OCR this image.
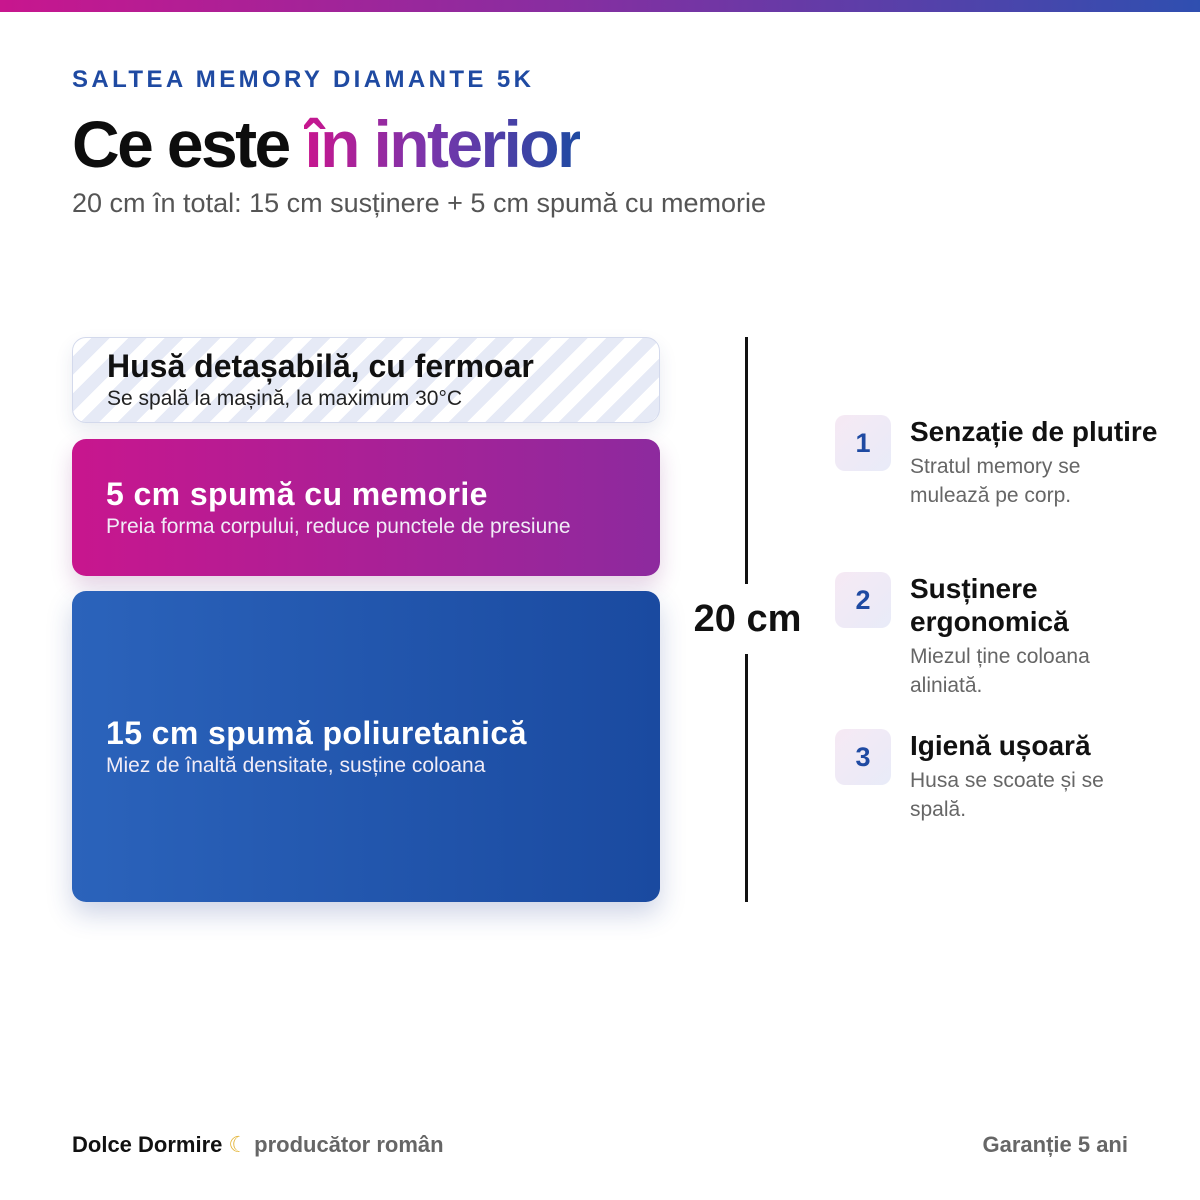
SALTEA MEMORY DIAMANTE 5K
Ce este în interior
20 cm în total: 15 cm susținere + 5 cm spumă cu memorie
Husă detașabilă, cu fermoar
Se spală la mașină, la maximum 30°C
5 cm spumă cu memorie
Preia forma corpului, reduce punctele de presiune
15 cm spumă poliuretanică
Miez de înaltă densitate, susține coloana
20 cm
1	Senzație de plutire
Stratul memory se mulează pe corp.
2	Susținere ergonomică
Miezul ține coloana aliniată.
3	Igienă ușoară
Husa se scoate și se spală.
Dolce Dormire ☾ producător român	Garanție 5 ani
